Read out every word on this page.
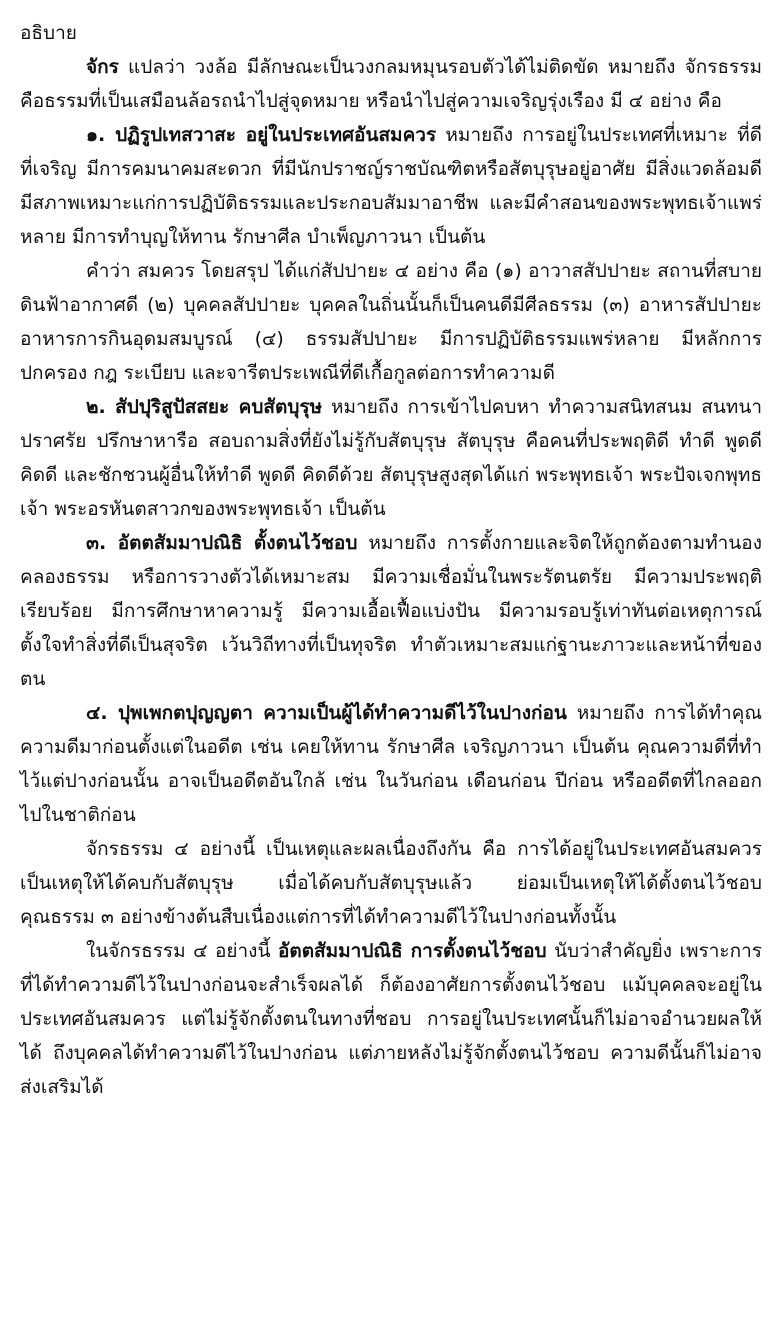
อธิบาย

จักร แปลว่า วงล้อ มีลักษณะเป็นวงกลมหมุนรอบตัวได้ไม่ติดขัด หมายถึง จักรธรรม คือธรรมที่เป็นเสมือนล้อรถนำไปสู่จุดหมาย หรือนำไปสู่ความเจริญรุ่งเรือง มี ๔ อย่าง คือ

๑. ปฏิรูปเทสวาสะ อยู่ในประเทศอันสมควร หมายถึง การอยู่ในประเทศที่เหมาะ ที่ดี ที่เจริญ มีการคมนาคมสะดวก ที่มีนักปราชญ์ราชบัณฑิตหรือสัตบุรุษอยู่อาศัย มีสิ่งแวดล้อมดี มีสภาพเหมาะแก่การปฏิบัติธรรมและประกอบสัมมาอาชีพ และมีคำสอนของพระพุทธเจ้าแพร่หลาย มีการทำบุญให้ทาน รักษาศีล บำเพ็ญภาวนา เป็นต้น

คำว่า สมควร โดยสรุป ได้แก่สัปปายะ ๔ อย่าง คือ (๑) อาวาสสัปปายะ สถานที่สบาย ดินฟ้าอากาศดี (๒) บุคคลสัปปายะ บุคคลในถิ่นนั้นก็เป็นคนดีมีศีลธรรม (๓) อาหารสัปปายะ อาหารการกินอุดมสมบูรณ์ (๔) ธรรมสัปปายะ มีการปฏิบัติธรรมแพร่หลาย มีหลักการปกครอง กฎ ระเบียบ และจารีตประเพณีที่ดีเกื้อกูลต่อการทำความดี

๒. สัปปุริสูปัสสยะ คบสัตบุรุษ หมายถึง การเข้าไปคบหา ทำความสนิทสนม สนทนาปราศรัย ปรึกษาหารือ สอบถามสิ่งที่ยังไม่รู้กับสัตบุรุษ สัตบุรุษ คือคนที่ประพฤติดี ทำดี พูดดี คิดดี และชักชวนผู้อื่นให้ทำดี พูดดี คิดดีด้วย สัตบุรุษสูงสุดได้แก่ พระพุทธเจ้า พระปัจเจกพุทธเจ้า พระอรหันตสาวกของพระพุทธเจ้า เป็นต้น

๓. อัตตสัมมาปณิธิ ตั้งตนไว้ชอบ หมายถึง การตั้งกายและจิตให้ถูกต้องตามทำนองคลองธรรม หรือการวางตัวได้เหมาะสม มีความเชื่อมั่นในพระรัตนตรัย มีความประพฤติเรียบร้อย มีการศึกษาหาความรู้ มีความเอื้อเฟื้อแบ่งปัน มีความรอบรู้เท่าทันต่อเหตุการณ์ ตั้งใจทำสิ่งที่ดีเป็นสุจริต เว้นวิถีทางที่เป็นทุจริต ทำตัวเหมาะสมแก่ฐานะภาวะและหน้าที่ของตน

๔. ปุพเพกตปุญญตา ความเป็นผู้ได้ทำความดีไว้ในปางก่อน หมายถึง การได้ทำคุณความดีมาก่อนตั้งแต่ในอดีต เช่น เคยให้ทาน รักษาศีล เจริญภาวนา เป็นต้น คุณความดีที่ทำไว้แต่ปางก่อนนั้น อาจเป็นอดีตอันใกล้ เช่น ในวันก่อน เดือนก่อน ปีก่อน หรืออดีตที่ไกลออกไปในชาติก่อน

จักรธรรม ๔ อย่างนี้ เป็นเหตุและผลเนื่องถึงกัน คือ การได้อยู่ในประเทศอันสมควร เป็นเหตุให้ได้คบกับสัตบุรุษ เมื่อได้คบกับสัตบุรุษแล้ว ย่อมเป็นเหตุให้ได้ตั้งตนไว้ชอบ คุณธรรม ๓ อย่างข้างต้นสืบเนื่องแต่การที่ได้ทำความดีไว้ในปางก่อนทั้งนั้น

ในจักรธรรม ๔ อย่างนี้ อัตตสัมมาปณิธิ การตั้งตนไว้ชอบ นับว่าสำคัญยิ่ง เพราะการที่ได้ทำความดีไว้ในปางก่อนจะสำเร็จผลได้ ก็ต้องอาศัยการตั้งตนไว้ชอบ แม้บุคคลจะอยู่ในประเทศอันสมควร แต่ไม่รู้จักตั้งตนในทางที่ชอบ การอยู่ในประเทศนั้นก็ไม่อาจอำนวยผลให้ได้ ถึงบุคคลได้ทำความดีไว้ในปางก่อน แต่ภายหลังไม่รู้จักตั้งตนไว้ชอบ ความดีนั้นก็ไม่อาจส่งเสริมได้
